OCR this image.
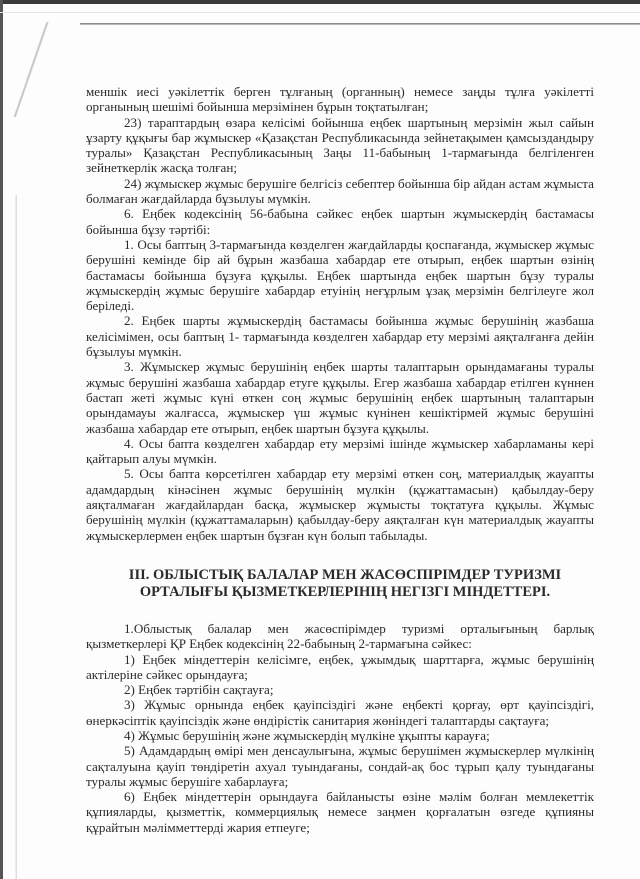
меншік иесі уәкілеттік берген тұлғаның (органның) немесе заңды тұлға уәкілетті органының шешімі бойынша мерзімінен бұрын тоқтатылған;

23) тараптардың өзара келісімі бойынша еңбек шартының мерзімін жыл сайын ұзарту құқығы бар жұмыскер «Қазақстан Республикасында зейнетақымен қамсыздандыру туралы» Қазақстан Республикасының Заңы 11-бабының 1-тармағында белгіленген зейнеткерлік жасқа толған;

24) жұмыскер жұмыс берушіге белгісіз себептер бойынша бір айдан астам жұмыста болмаған жағдайларда бұзылуы мүмкін.

6. Еңбек кодексінің 56-бабына сәйкес еңбек шартын жұмыскердің бастамасы бойынша бұзу тәртібі:

1. Осы баптың 3-тармағында көзделген жағдайларды қоспағанда, жұмыскер жұмыс берушіні кемінде бір ай бұрын жазбаша хабардар ете отырып, еңбек шартын өзінің бастамасы бойынша бұзуға құқылы. Еңбек шартында еңбек шартын бұзу туралы жұмыскердің жұмыс берушіге хабардар етуінің неғұрлым ұзақ мерзімін белгілеуге жол беріледі.

2. Еңбек шарты жұмыскердің бастамасы бойынша жұмыс берушінің жазбаша келісімімен, осы баптың 1- тармағында көзделген хабардар ету мерзімі аяқталғанға дейін бұзылуы мүмкін.

3. Жұмыскер жұмыс берушінің еңбек шарты талаптарын орындамағаны туралы жұмыс берушіні жазбаша хабардар етуге құқылы. Егер жазбаша хабардар етілген күннен бастап жеті жұмыс күні өткен соң жұмыс берушінің еңбек шартының талаптарын орындамауы жалғасса, жұмыскер үш жұмыс күнінен кешіктірмей жұмыс берушіні жазбаша хабардар ете отырып, еңбек шартын бұзуға құқылы.

4. Осы бапта көзделген хабардар ету мерзімі ішінде жұмыскер хабарламаны кері қайтарып алуы мүмкін.

5. Осы бапта көрсетілген хабардар ету мерзімі өткен соң, материалдық жауапты адамдардың кінәсінен жұмыс берушінің мүлкін (құжаттамасын) қабылдау-беру аяқталмаған жағдайлардан басқа, жұмыскер жұмысты тоқтатуға құқылы. Жұмыс берушінің мүлкін (құжаттамаларын) қабылдау-беру аяқталған күн материалдық жауапты жұмыскерлермен еңбек шартын бұзған күн болып табылады.

III. ОБЛЫСТЫҚ БАЛАЛАР МЕН ЖАСӨСПІРІМДЕР ТУРИЗМІ
ОРТАЛЫҒЫ ҚЫЗМЕТКЕРЛЕРІНІҢ НЕГІЗГІ МІНДЕТТЕРІ.

1.Облыстық балалар мен жасөспірімдер туризмі орталығының барлық қызметкерлері ҚР Еңбек кодексінің 22-бабының 2-тармағына сәйкес:

1) Еңбек міндеттерін келісімге, еңбек, ұжымдық шарттарға, жұмыс берушінің актілеріне сәйкес орындауға;

2) Еңбек тәртібін сақтауға;

3) Жұмыс орнында еңбек қауіпсіздігі және еңбекті қорғау, өрт қауіпсіздігі, өнеркәсіптік қауіпсіздік және өндірістік санитария жөніндегі талаптарды сақтауға;

4) Жұмыс берушінің және жұмыскердің мүлкіне ұқыпты карауға;

5) Адамдардың өмірі мен денсаулығына, жұмыс берушімен жұмыскерлер мүлкінің сақталуына қауіп төндіретін ахуал туындағаны, сондай-ақ бос тұрып қалу туындағаны туралы жұмыс берушіге хабарлауға;

6) Еңбек міндеттерін орындауға байланысты өзіне мәлім болған мемлекеттік құпияларды, қызметтік, коммерциялық немесе заңмен қорғалатын өзгеде құпияны құрайтын мәлімметтерді жария етпеуге;
